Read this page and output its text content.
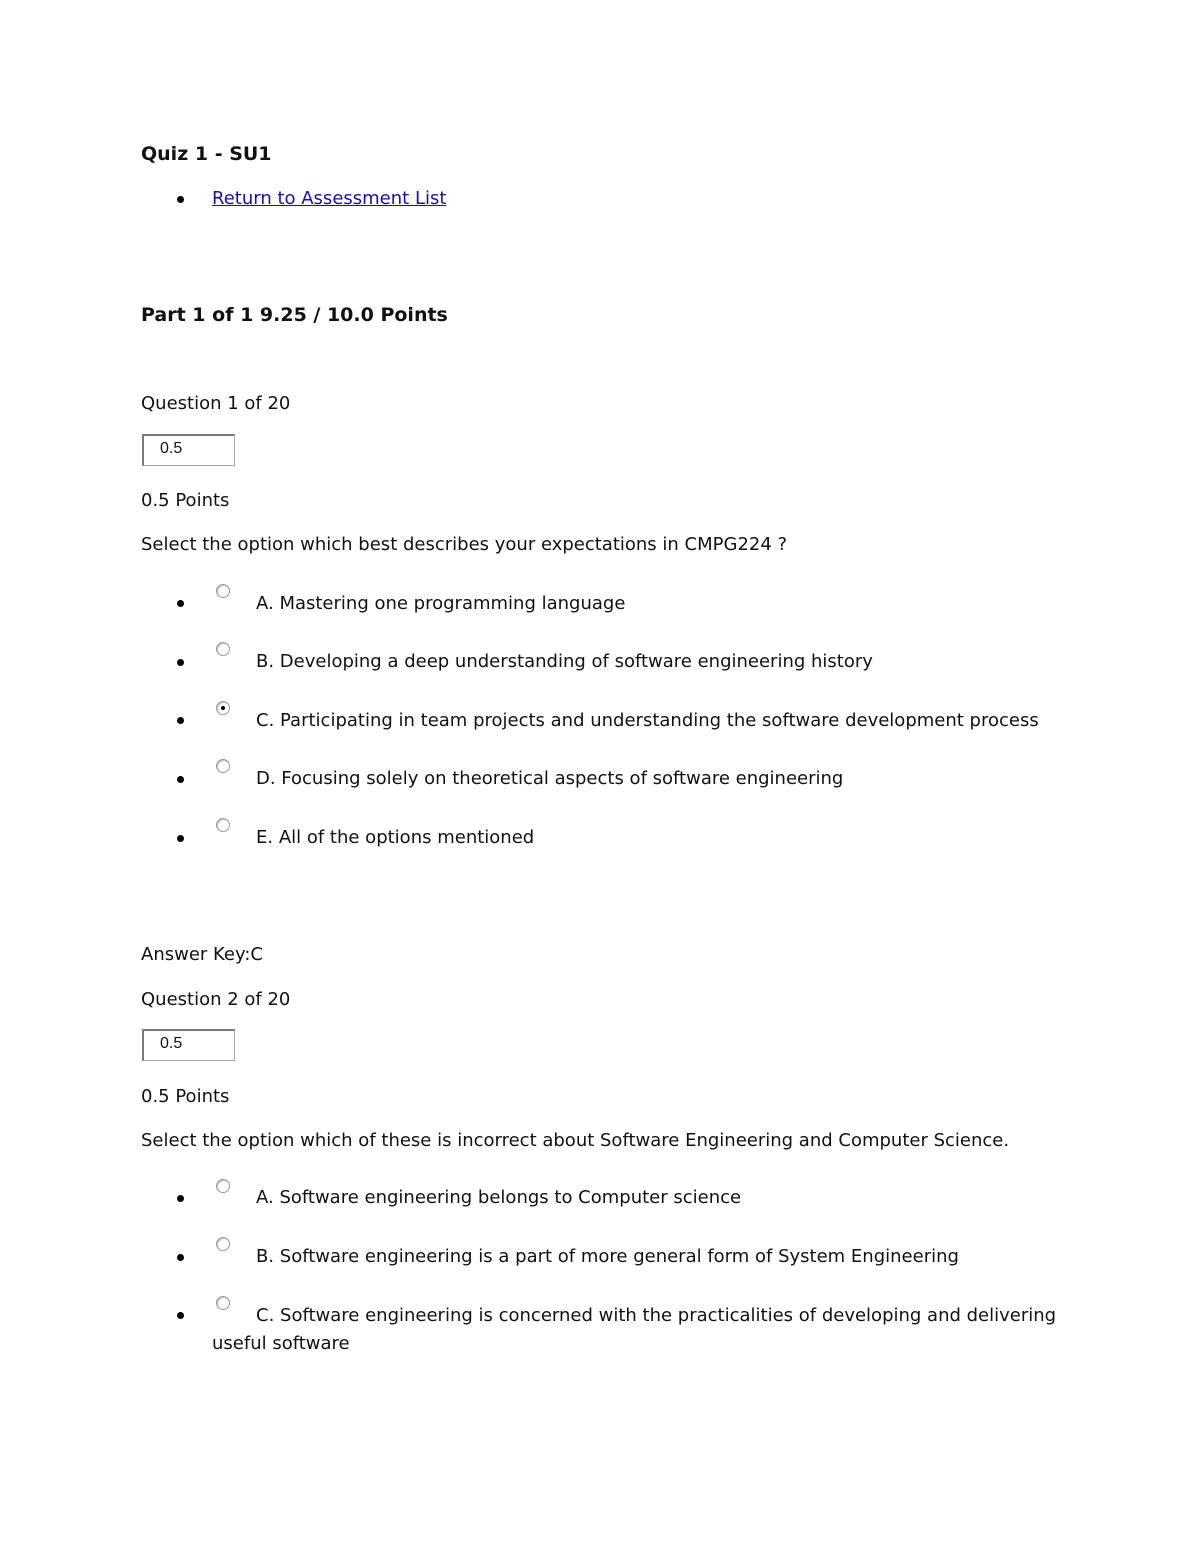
Quiz 1 - SU1
Return to Assessment List
Part 1 of 1 9.25 / 10.0 Points
Question 1 of 20
0.5
0.5 Points
Select the option which best describes your expectations in CMPG224 ?
A. Mastering one programming language
B. Developing a deep understanding of software engineering history
C. Participating in team projects and understanding the software development process
D. Focusing solely on theoretical aspects of software engineering
E. All of the options mentioned
Answer Key:C
Question 2 of 20
0.5
0.5 Points
Select the option which of these is incorrect about Software Engineering and Computer Science.
A. Software engineering belongs to Computer science
B. Software engineering is a part of more general form of System Engineering
C. Software engineering is concerned with the practicalities of developing and delivering
useful software
